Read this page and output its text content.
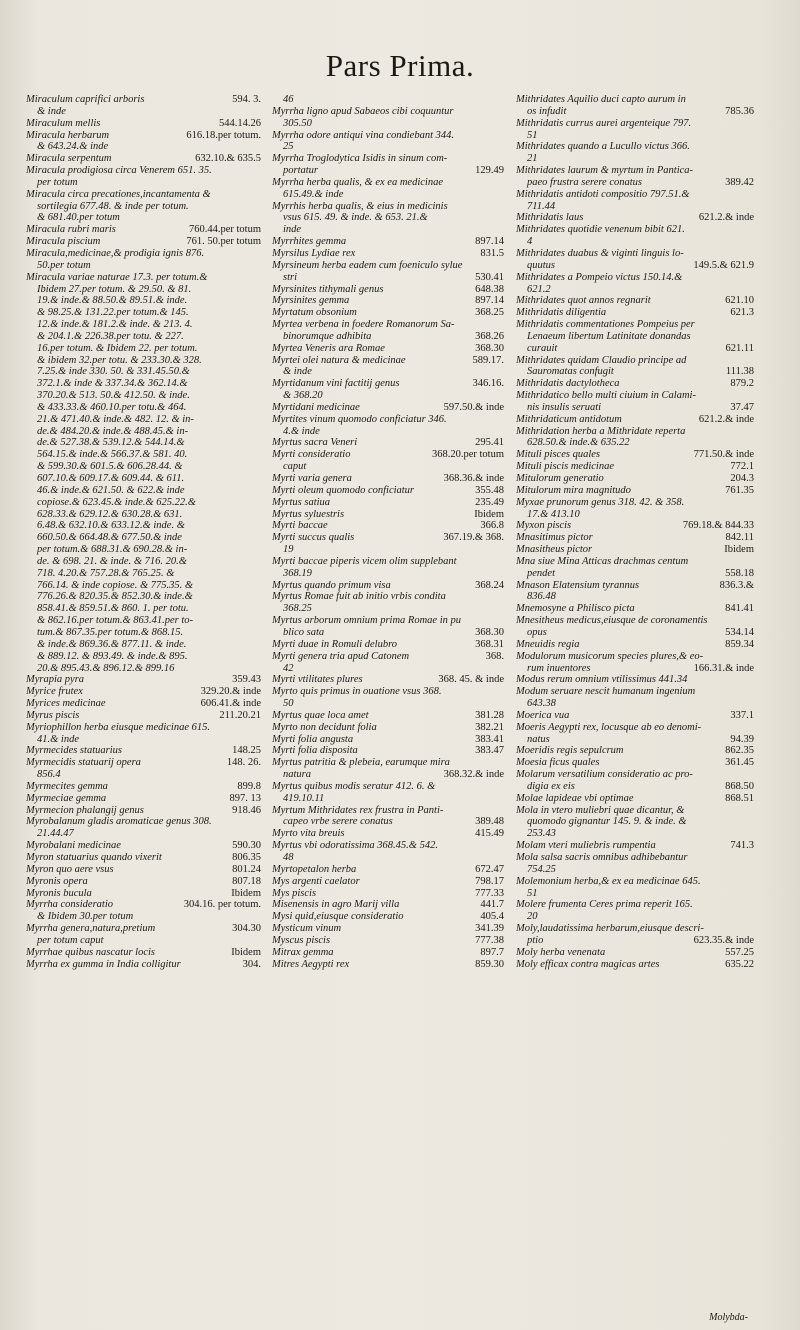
Pars Prima.
594. 3.
Miraculum caprifici arboris
& inde
544.14.26
Miraculum mellis
616.18.per totum.
Miracula herbarum
& 643.24.& inde
632.10.& 635.5
Miracula serpentum
Miracula prodigiosa circa Venerem 651. 35.
per totum
Miracula circa precationes,incantamenta &
sortilegia 677.48. & inde per totum.
& 681.40.per totum
760.44.per totum
Miracula rubri maris
761. 50.per totum
Miracula piscium
Miracula,medicinae,& prodigia ignis 876.
50.per totum
Miracula variae naturae 17.3. per totum.&
Ibidem 27.per totum. & 29.50. & 81.
19.& inde.& 88.50.& 89.51.& inde.
& 98.25.& 131.22.per totum.& 145.
12.& inde.& 181.2.& inde. & 213. 4.
& 204.1.& 226.38.per totu. & 227.
16.per totum. & Ibidem 22. per totum.
& ibidem 32.per totu. & 233.30.& 328.
7.25.& inde 330. 50. & 331.45.50.&
372.1.& inde & 337.34.& 362.14.&
370.20.& 513. 50.& 412.50. & inde.
& 433.33.& 460.10.per totu.& 464.
21.& 471.40.& inde.& 482. 12. & in-
de.& 484.20.& inde.& 488.45.& in-
de.& 527.38.& 539.12.& 544.14.&
564.15.& inde.& 566.37.& 581. 40.
& 599.30.& 601.5.& 606.28.44. &
607.10.& 609.17.& 609.44. & 611.
46.& inde.& 621.50. & 622.& inde
copiose.& 623.45.& inde.& 625.22.&
628.33.& 629.12.& 630.28.& 631.
6.48.& 632.10.& 633.12.& inde. &
660.50.& 664.48.& 677.50.& inde
per totum.& 688.31.& 690.28.& in-
de. & 698. 21. & inde. & 716. 20.&
718. 4.20.& 757.28.& 765.25. &
766.14. & inde copiose. & 775.35. &
776.26.& 820.35.& 852.30.& inde.&
858.41.& 859.51.& 860. 1. per totu.
& 862.16.per totum.& 863.41.per to-
tum.& 867.35.per totum.& 868.15.
& inde.& 869.36.& 877.11. & inde.
& 889.12. & 893.49. & inde.& 895.
20.& 895.43.& 896.12.& 899.16
359.43
Myrapia pyra
329.20.& inde
Myrice frutex
606.41.& inde
Myrices medicinae
211.20.21
Myrus piscis
Myriophillon herba eiusque medicinae 615.
41.& inde
148.25
Myrmecides statuarius
148. 26.
Myrmecidis statuarij opera
856.4
899.8
Myrmecites gemma
897. 13
Myrmeciae gemma
918.46
Myrmecion phalangij genus
Myrobalanum gladis aromaticae genus 308.
21.44.47
590.30
Myrobalani medicinae
806.35
Myron statuarius quando vixerit
801.24
Myron quo aere vsus
807.18
Myronis opera
Ibidem
Myronis bucula
304.16. per totum.
Myrrha consideratio
& Ibidem 30.per totum
304.30
Myrrha genera,natura,pretium
per totum caput
Ibidem
Myrrhae quibus nascatur locis
304.
Myrrha ex gumma in India colligitur
46
Myrrha ligno apud Sabaeos cibi coquuntur
305.50
Myrrha odore antiqui vina condiebant 344.
25
Myrrha Troglodytica Isidis in sinum com-
129.49
portatur
Myrrha herba qualis, & ex ea medicinae
615.49.& inde
Myrrhis herba qualis, & eius in medicinis
vsus 615. 49. & inde. & 653. 21.&
inde
897.14
Myrrhites gemma
831.5
Myrsilus Lydiae rex
Myrsineum herba eadem cum foeniculo sylue
530.41
stri
648.38
Myrsinites tithymali genus
897.14
Myrsinites gemma
368.25
Myrtatum obsonium
Myrtea verbena in foedere Romanorum Sa-
368.26
binorumque adhibita
368.30
Myrtea Veneris ara Romae
589.17.
Myrtei olei natura & medicinae
& inde
346.16.
Myrtidanum vini factitij genus
& 368.20
597.50.& inde
Myrtidani medicinae
Myrtites vinum quomodo conficiatur 346.
4.& inde
295.41
Myrtus sacra Veneri
368.20.per totum
Myrti consideratio
caput
368.36.& inde
Myrti varia genera
355.48
Myrti oleum quomodo conficiatur
235.49
Myrtus satiua
Ibidem
Myrtus syluestris
366.8
Myrti baccae
367.19.& 368.
Myrti succus qualis
19
Myrti baccae piperis vicem olim supplebant
368.19
368.24
Myrtus quando primum visa
Myrtus Romae fuit ab initio vrbis condita
368.25
Myrtus arborum omnium prima Romae in pu
368.30
blico sata
368.31
Myrti duae in Romuli delubro
368.
Myrti genera tria apud Catonem
42
368. 45. & inde
Myrti vtilitates plures
Myrto quis primus in ouatione vsus 368.
50
381.28
Myrtus quae loca amet
382.21
Myrto non decidunt folia
383.41
Myrti folia angusta
383.47
Myrti folia disposita
Myrtus patritia & plebeia, earumque mira
368.32.& inde
natura
Myrtus quibus modis seratur 412. 6. &
419.10.11
Myrtum Mithridates rex frustra in Panti-
389.48
capeo vrbe serere conatus
415.49
Myrto vita breuis
Myrtus vbi odoratissima 368.45.& 542.
48
672.47
Myrtopetalon herba
798.17
Mys argenti caelator
777.33
Mys piscis
441.7
Misenensis in agro Marij villa
405.4
Mysi quid,eiusque consideratio
341.39
Mysticum vinum
777.38
Myscus piscis
897.7
Mitrax gemma
859.30
Mitres Aegypti rex
Mithridates Aquilio duci capto aurum in
785.36
os infudit
Mithridatis currus aurei argenteique 797.
51
Mithridates quando a Lucullo victus 366.
21
Mithridates laurum & myrtum in Pantica-
389.42
paeo frustra serere conatus
Mithridatis antidoti compositio 797.51.&
711.44
621.2.& inde
Mithridatis laus
Mithridates quotidie venenum bibit 621.
4
Mithridates duabus & viginti linguis lo-
149.5.& 621.9
quutus
Mithridates a Pompeio victus 150.14.&
621.2
621.10
Mithridates quot annos regnarit
621.3
Mithridatis diligentia
Mithridatis commentationes Pompeius per
Lenaeum libertum Latinitate donandas
621.11
curauit
Mithridates quidam Claudio principe ad
111.38
Sauromatas confugit
879.2
Mithridatis dactylotheca
Mithridatico bello multi ciuium in Calami-
37.47
nis insulis seruati
621.2.& inde
Mithridaticum antidotum
Mithridation herba a Mithridate reperta
628.50.& inde.& 635.22
771.50.& inde
Mituli pisces quales
772.1
Mituli piscis medicinae
204.3
Mitulorum generatio
761.35
Mitulorum mira magnitudo
Myxae prunorum genus 318. 42. & 358.
17.& 413.10
769.18.& 844.33
Myxon piscis
842.11
Mnasitimus pictor
Ibidem
Mnasitheus pictor
Mna siue Mina Atticas drachmas centum
558.18
pendet
836.3.&
Mnason Elatensium tyrannus
836.48
841.41
Mnemosyne a Philisco picta
Mnesitheus medicus,eiusque de coronamentis
534.14
opus
859.34
Mneuidis regia
Modulorum musicorum species plures,& eo-
166.31.& inde
rum inuentores
Modus rerum omnium vtilissimus 441.34
Modum seruare nescit humanum ingenium
643.38
337.1
Moerica vua
Moeris Aegypti rex, locusque ab eo denomi-
94.39
natus
862.35
Moeridis regis sepulcrum
361.45
Moesia ficus quales
Molarum versatilium consideratio ac pro-
868.50
digia ex eis
868.51
Molae lapideae vbi optimae
Mola in vtero muliebri quae dicantur, &
quomodo gignantur 145. 9. & inde. &
253.43
741.3
Molam vteri muliebris rumpentia
Mola salsa sacris omnibus adhibebantur
754.25
Molemonium herba,& ex ea medicinae 645.
51
Molere frumenta Ceres prima reperit 165.
20
Moly,laudatissima herbarum,eiusque descri-
623.35.& inde
ptio
557.25
Moly herba venenata
635.22
Moly efficax contra magicas artes
Molybda-
